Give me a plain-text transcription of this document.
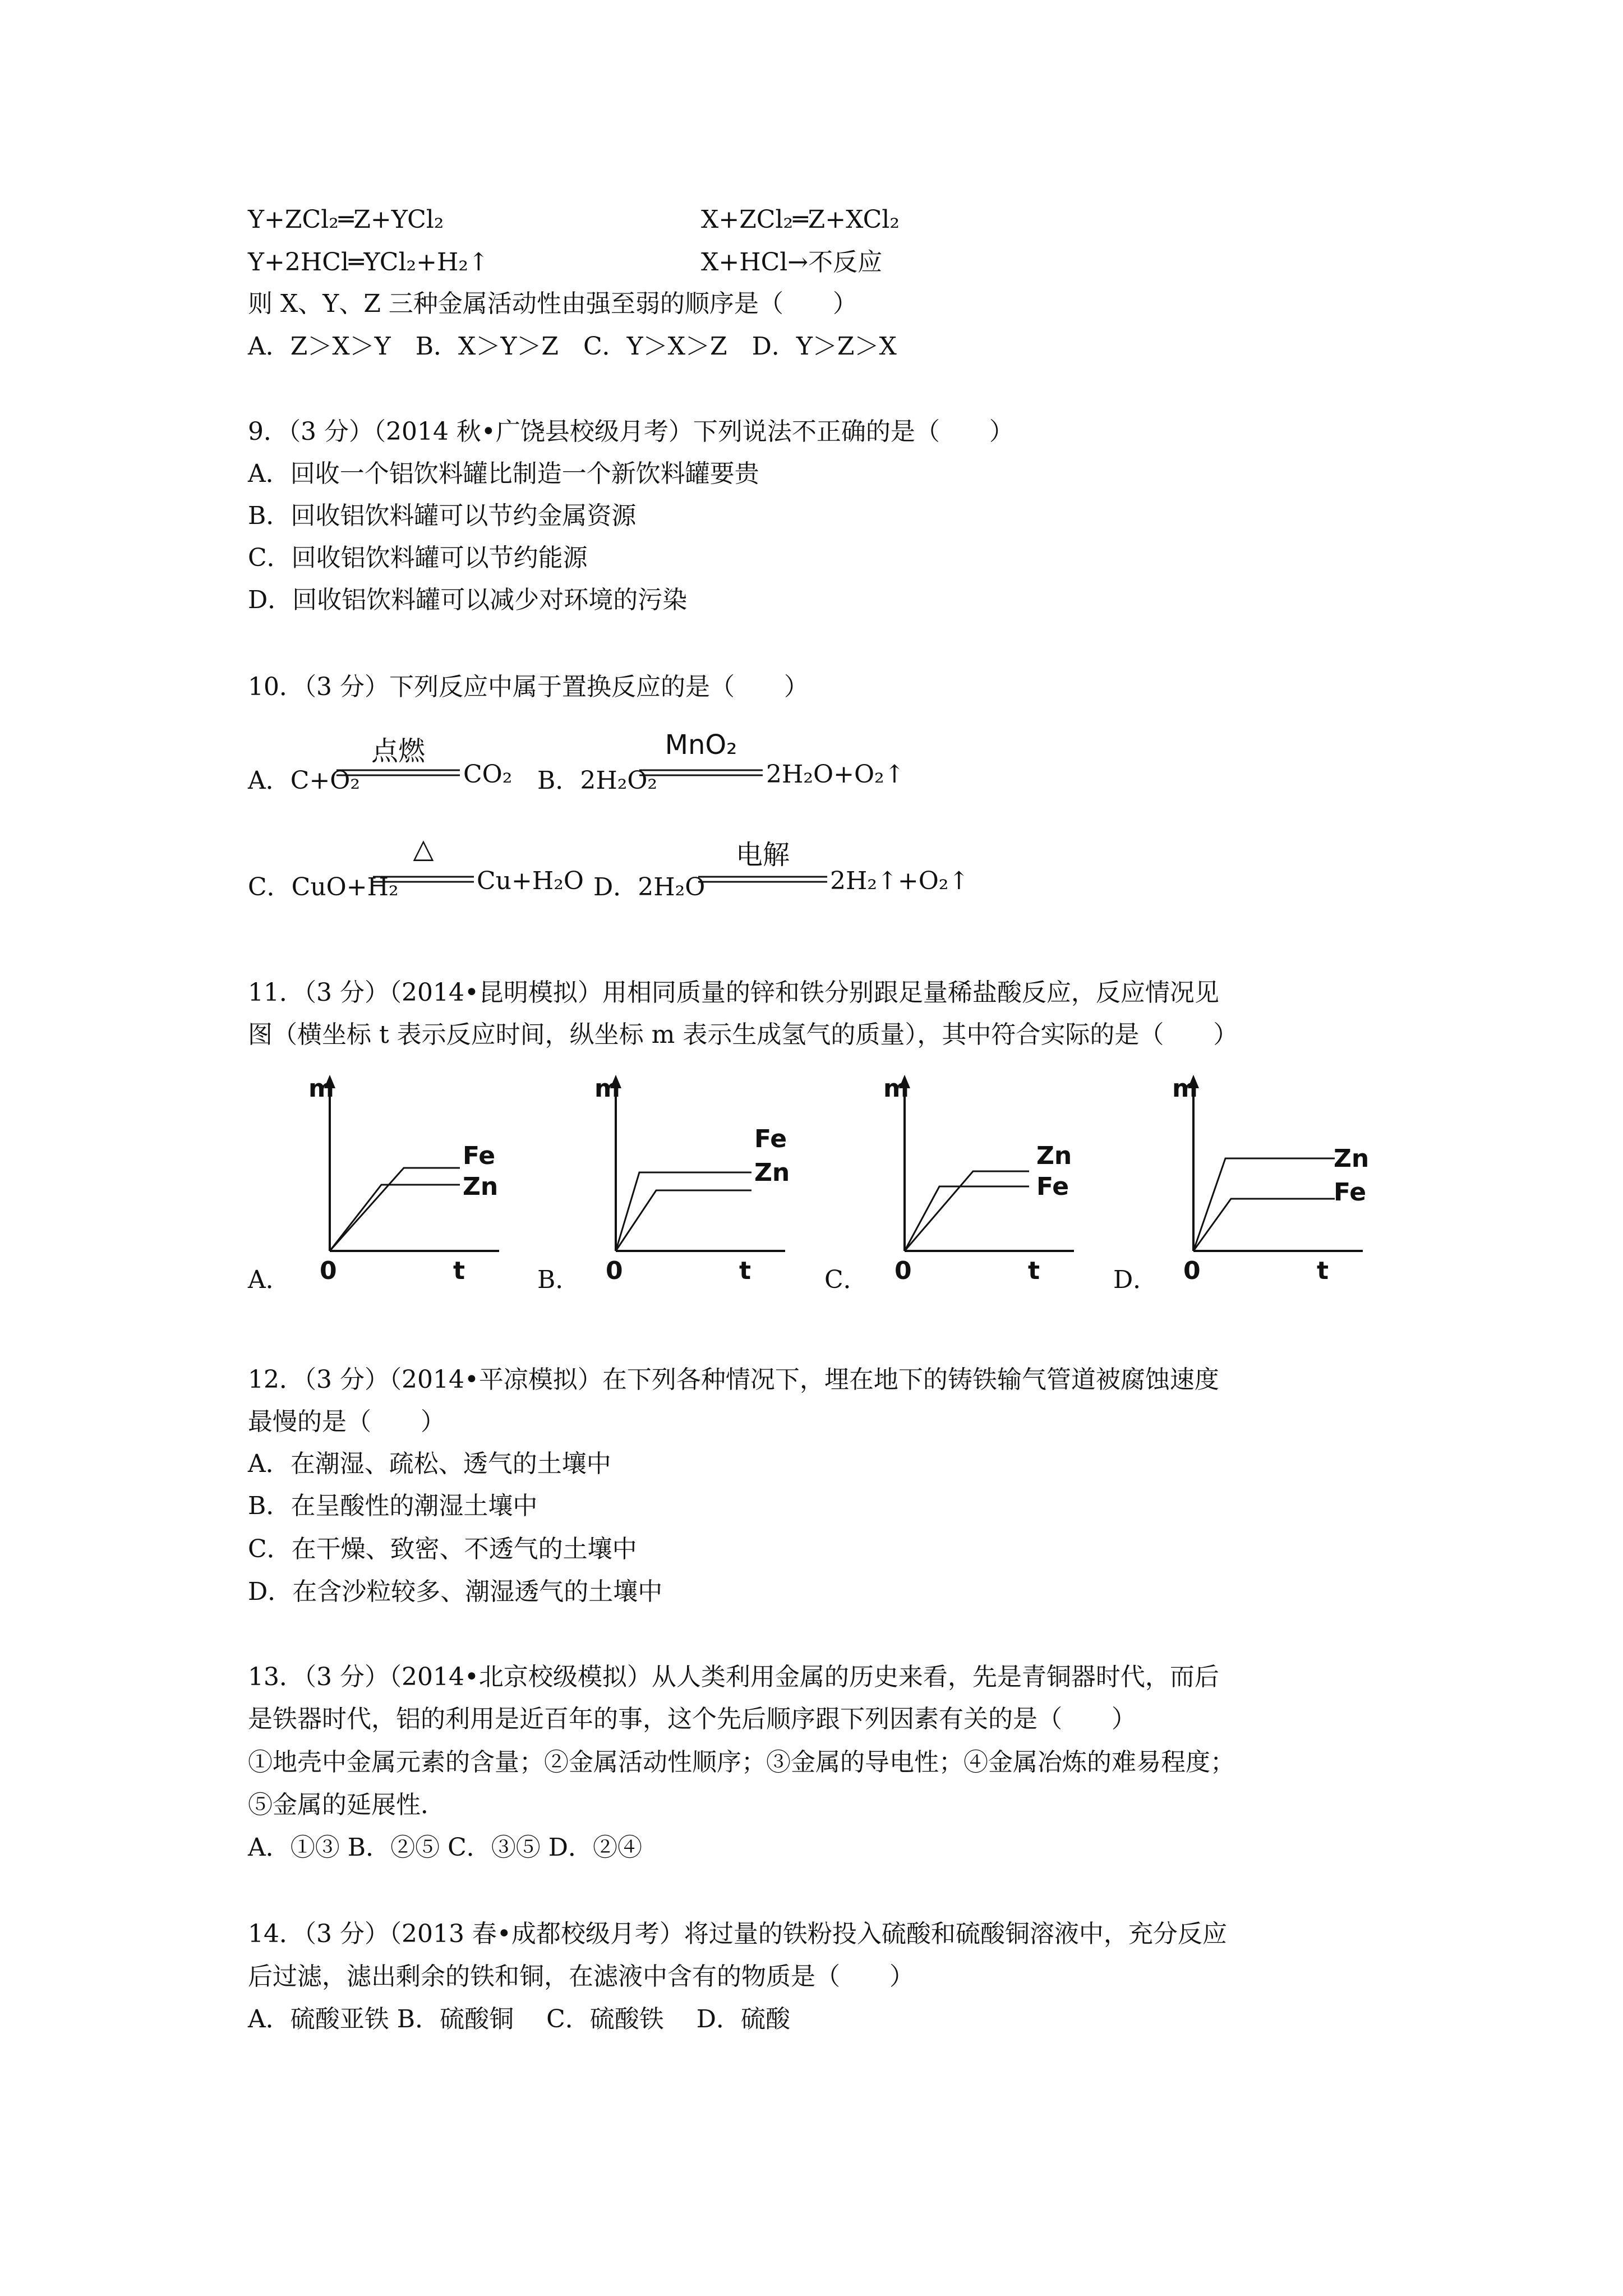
Y+ZCl₂═Z+YCl₂	X+ZCl₂═Z+XCl₂
Y+2HCl═YCl₂+H₂↑	X+HCl→不反应
则 X、Y、Z 三种金属活动性由强至弱的顺序是（　　）
A．Z＞X＞Y　B．X＞Y＞Z　C．Y＞X＞Z　D．Y＞Z＞X
9．（3 分）（2014 秋•广饶县校级月考）下列说法不正确的是（　　）
A．回收一个铝饮料罐比制造一个新饮料罐要贵
B．回收铝饮料罐可以节约金属资源
C．回收铝饮料罐可以节约能源
D．回收铝饮料罐可以减少对环境的污染
10．（3 分）下列反应中属于置换反应的是（　　）
A．C+O₂
点燃
CO₂ B．2H₂O₂
MnO₂
2H₂O+O₂↑
C．CuO+H₂
△
Cu+H₂O D．2H₂O
电解
2H₂↑+O₂↑
11．（3 分）（2014•昆明模拟）用相同质量的锌和铁分别跟足量稀盐酸反应，反应情况见
图（横坐标 t 表示反应时间，纵坐标 m 表示生成氢气的质量），其中符合实际的是（　　）
A．
m
0	t
Fe
Zn
B．
m
0	t
Fe
Zn
C．
m
0	t
Zn
Fe
D．
m
0	t
Zn
Fe
12．（3 分）（2014•平凉模拟）在下列各种情况下，埋在地下的铸铁输气管道被腐蚀速度
最慢的是（　　）
A．在潮湿、疏松、透气的土壤中
B．在呈酸性的潮湿土壤中
C．在干燥、致密、不透气的土壤中
D．在含沙粒较多、潮湿透气的土壤中
13．（3 分）（2014•北京校级模拟）从人类利用金属的历史来看，先是青铜器时代，而后
是铁器时代，铝的利用是近百年的事，这个先后顺序跟下列因素有关的是（　　）
①地壳中金属元素的含量；②金属活动性顺序；③金属的导电性；④金属冶炼的难易程度；
⑤金属的延展性．
A．①③ B．②⑤ C．③⑤ D．②④
14．（3 分）（2013 春•成都校级月考）将过量的铁粉投入硫酸和硫酸铜溶液中，充分反应
后过滤，滤出剩余的铁和铜，在滤液中含有的物质是（　　）
A．硫酸亚铁 B．硫酸铜　 C．硫酸铁　 D．硫酸
